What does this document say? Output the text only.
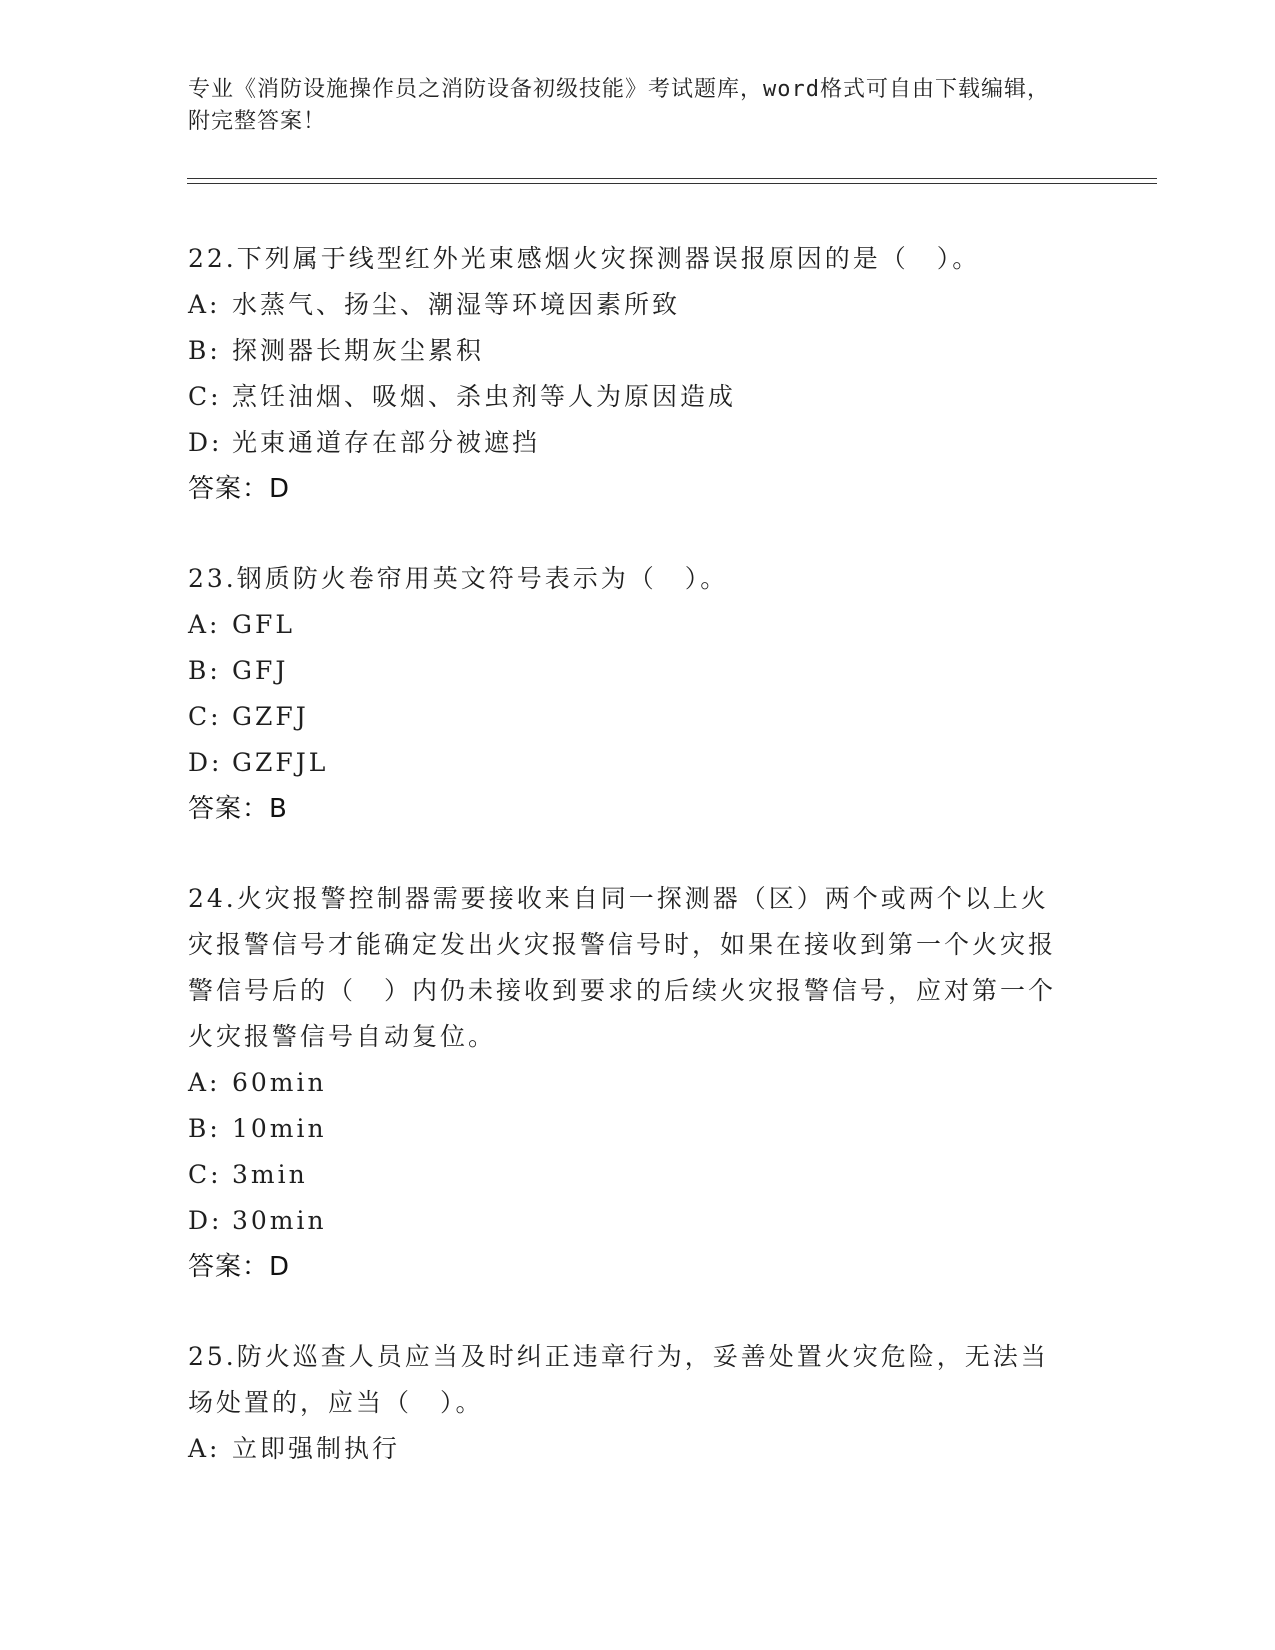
专业《消防设施操作员之消防设备初级技能》考试题库，word格式可自由下载编辑，附完整答案！
22.下列属于线型红外光束感烟火灾探测器误报原因的是（　）。
A: 水蒸气、扬尘、潮湿等环境因素所致
B: 探测器长期灰尘累积
C: 烹饪油烟、吸烟、杀虫剂等人为原因造成
D: 光束通道存在部分被遮挡
答案：D
23.钢质防火卷帘用英文符号表示为（　）。
A: GFL
B: GFJ
C: GZFJ
D: GZFJL
答案：B
24.火灾报警控制器需要接收来自同一探测器（区）两个或两个以上火灾报警信号才能确定发出火灾报警信号时，如果在接收到第一个火灾报警信号后的（　）内仍未接收到要求的后续火灾报警信号，应对第一个火灾报警信号自动复位。
A: 60min
B: 10min
C: 3min
D: 30min
答案：D
25.防火巡查人员应当及时纠正违章行为，妥善处置火灾危险，无法当场处置的，应当（　）。
A: 立即强制执行
